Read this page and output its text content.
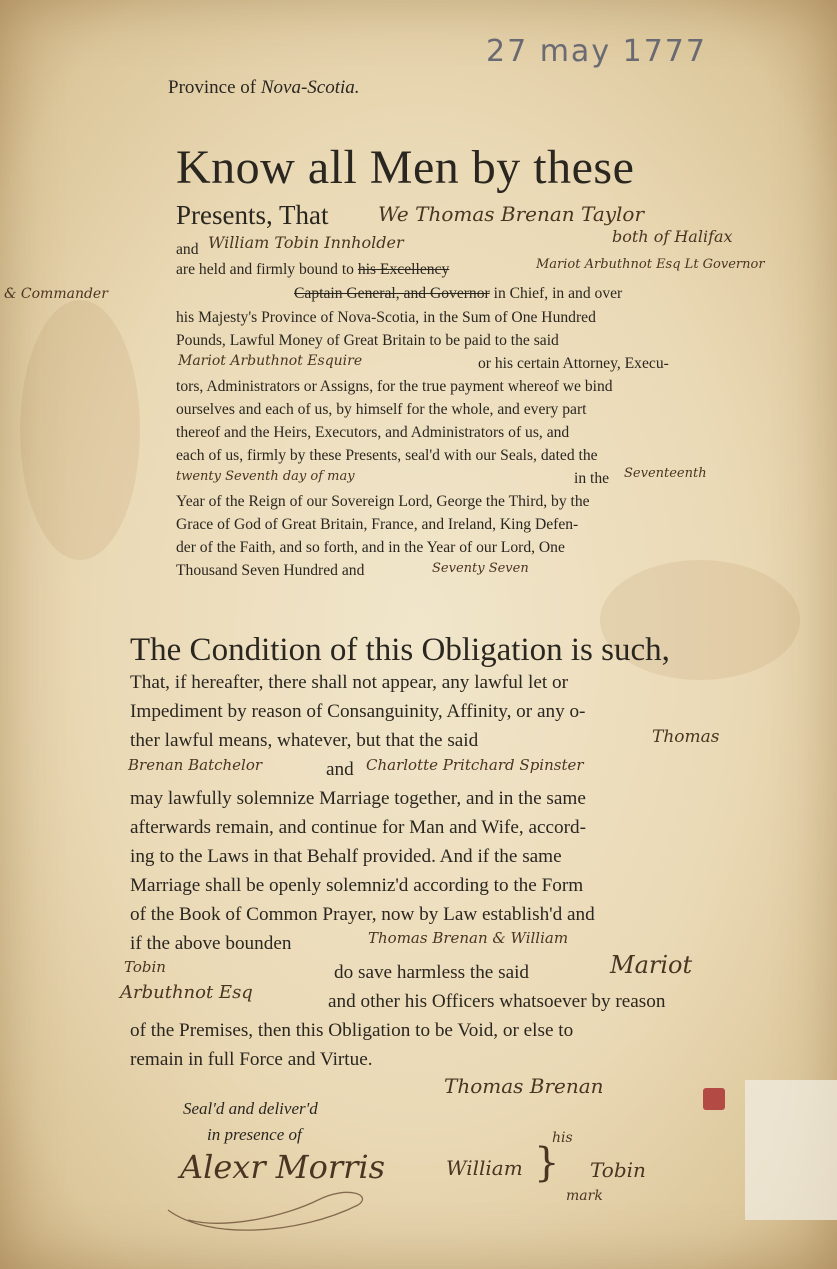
27 may 1777
Province of Nova-Scotia.
Know all Men by these
Presents, That We Thomas Brenan Taylor
and
are held and firmly bound to his Excellency
Captain General, and Governor in Chief, in and over
his Majesty's Province of Nova-Scotia, in the Sum of One Hundred
Pounds, Lawful Money of Great Britain to be paid to the said
or his certain Attorney, Execu-
tors, Administrators or Assigns, for the true payment whereof we bind
ourselves and each of us, by himself for the whole, and every part
thereof and the Heirs, Executors, and Administrators of us, and
each of us, firmly by these Presents, seal'd with our Seals, dated the
in the
Year of the Reign of our Sovereign Lord, George the Third, by the
Grace of God of Great Britain, France, and Ireland, King Defen-
der of the Faith, and so forth, and in the Year of our Lord, One
Thousand Seven Hundred and
William Tobin Innholder	both of Halifax
Mariot Arbuthnot Esq Lt Governor
& Commander
Mariot Arbuthnot Esquire
twenty Seventh day of may	Seventeenth
Seventy Seven
The Condition of this Obligation is such,
That, if hereafter, there shall not appear, any lawful let or
Impediment by reason of Consanguinity, Affinity, or any o-
ther lawful means, whatever, but that the said
and
may lawfully solemnize Marriage together, and in the same
afterwards remain, and continue for Man and Wife, accord-
ing to the Laws in that Behalf provided. And if the same
Marriage shall be openly solemniz'd according to the Form
of the Book of Common Prayer, now by Law establish'd and
if the above bounden
do save harmless the said
and other his Officers whatsoever by reason
of the Premises, then this Obligation to be Void, or else to
remain in full Force and Virtue.
Thomas
Brenan Batchelor	Charlotte Pritchard Spinster
Thomas Brenan & William
Tobin	Mariot
Arbuthnot Esq
Seal'd and deliver'd
in presence of
Alexr Morris
Thomas Brenan
his
William } Tobin
mark
